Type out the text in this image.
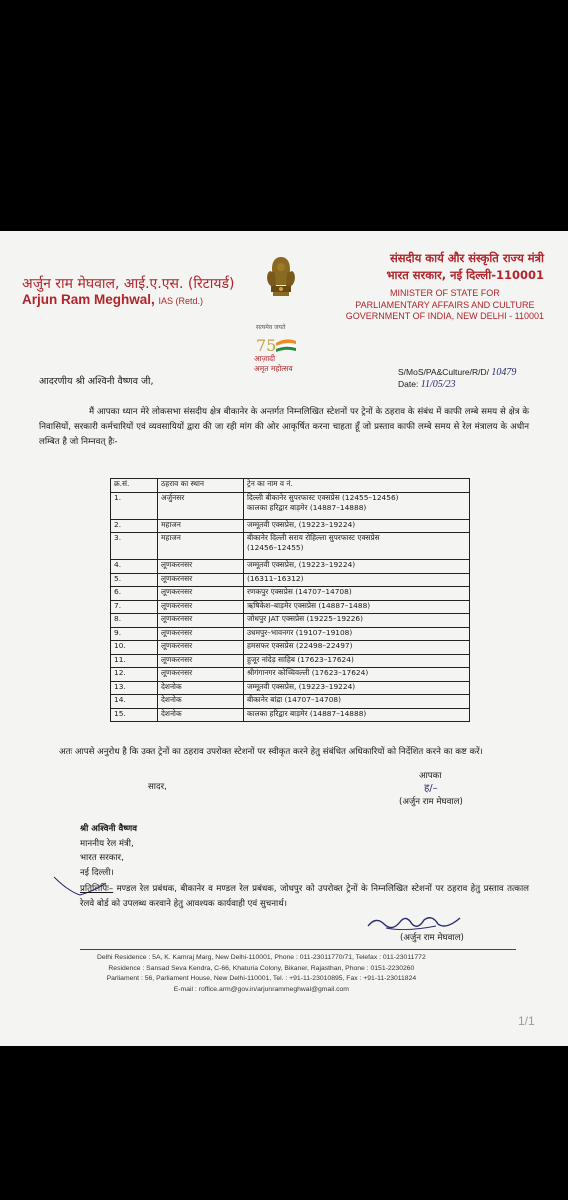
अर्जुन राम मेघवाल, आई.ए.एस. (रिटायर्ड)
Arjun Ram Meghwal, IAS (Retd.)
सत्यमेव जयते
75
आज़ादी
अमृत महोत्सव
संसदीय कार्य और संस्कृति राज्य मंत्री
भारत सरकार, नई दिल्ली-110001
MINISTER OF STATE FOR
PARLIAMENTARY AFFAIRS AND CULTURE
GOVERNMENT OF INDIA, NEW DELHI - 110001
S/MoS/PA&Culture/R/D/ 10479
Date: 11/05/23
आदरणीय श्री अश्विनी वैष्णव जी,
मैं आपका ध्यान मेरे लोकसभा संसदीय क्षेत्र बीकानेर के अन्तर्गत निम्नलिखित स्टेशनों पर ट्रेनों के ठहराव के संबंध में काफी लम्बे समय से क्षेत्र के निवासियों, सरकारी कर्मचारियों एवं व्यवसायियों द्वारा की जा रही मांग की ओर आकृर्षित करना चाहता हूँ जो प्रस्ताव काफी लम्बे समय से रेल मंत्रालय के अधीन लम्बित है जो निम्नवत् हैः-
क्र.सं.	ठहराव का स्थान	ट्रेन का नाम व नं.
1.	अर्जुनसर	दिल्ली बीकानेर सुपरफास्ट एक्सप्रेस (12455–12456)
कालका हरिद्वार बाड़मेर (14887–14888)

2.	महाजन	जम्मूतवी एक्सप्रेस, (19223–19224)

3.	महाजन	बीकानेर दिल्ली सराय रोहिल्ला सुपरफास्ट एक्सप्रेस
(12456–12455)

4.	लूणकरनसर	जम्मूतवी एक्सप्रेस, (19223–19224)

5.	लूणकरनसर	(16311–16312)

6.	लूणकरनसर	रणकपुर एक्सप्रेस (14707–14708)

7.	लूणकरनसर	ऋषिकेश–बाड़मेर एक्सप्रेस (14887–1488)

8.	लूणकरनसर	जोधपुर JAT एक्सप्रेस (19225–19226)

9.	लूणकरनसर	उधमपुर–भावनगर (19107–19108)

10.	लूणकरनसर	हमसफर एक्सप्रेस (22498–22497)

11.	लूणकरनसर	हुजूर नांदेड़ साहिब (17623–17624)

12.	लूणकरनसर	श्रीगंगानगर कोच्चिवल्ली (17623–17624)

13.	देशनोक	जम्मूतवी एक्सप्रेस, (19223–19224)

14.	देशनोक	बीकानेर बांद्रा (14707–14708)

15.	देशनोक	कालका हरिद्वार बाड़मेर (14887–14888)
अतः आपसे अनुरोध है कि उक्त ट्रेनों का ठहराव उपरोक्त स्टेशनों पर स्वीकृत करने हेतु संबंधित अधिकारियों को निर्देशित करने का कष्ट करें।
सादर,
आपका
ह/–
(अर्जुन राम मेघवाल)
श्री अश्विनी वैष्णव
माननीय रेल मंत्री,
भारत सरकार,
नई दिल्ली।
प्रतिलिपिः– मण्डल रेल प्रबंधक, बीकानेर व मण्डल रेल प्रबंधक, जोधपुर को उपरोक्त ट्रेनों के निम्नलिखित स्टेशनों पर ठहराव हेतु प्रस्ताव तत्काल रेलवे बोर्ड को उपलब्ध करवाने हेतु आवश्यक कार्यवाही एवं सुचनार्थ।
(अर्जुन राम मेघवाल)
Delhi Residence : 5A, K. Kamraj Marg, New Delhi-110001, Phone : 011-23011770/71, Telefax : 011-23011772
Residence : Sansad Seva Kendra, C-66, Khaturia Colony, Bikaner, Rajasthan, Phone : 0151-2230260
Parliament : 56, Parliament House, New Delhi-110001, Tel. : +91-11-23010895, Fax : +91-11-23011824
E-mail : roffice.arm@gov.in/arjunrammeghwal@gmail.com
1/1
